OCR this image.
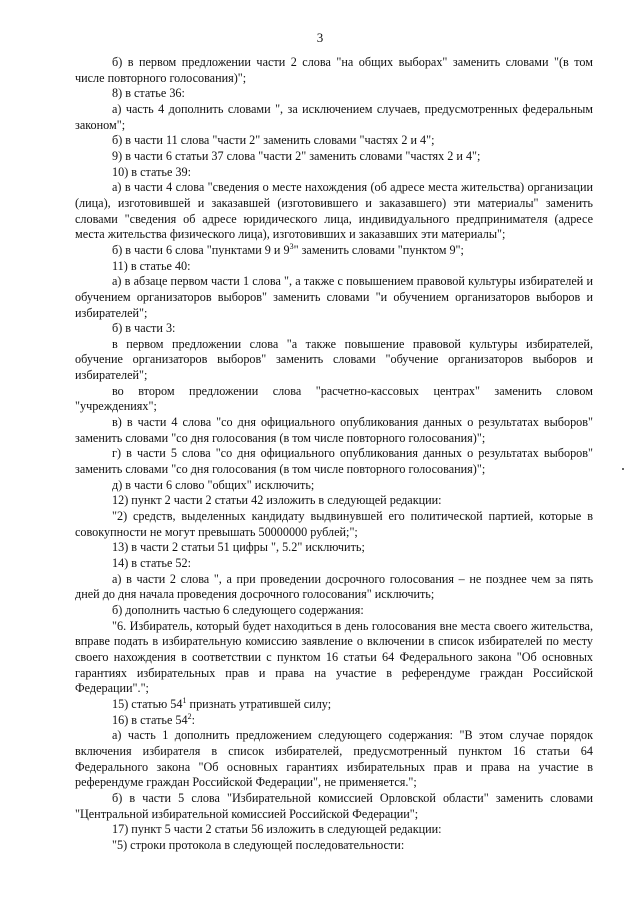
3

б) в первом предложении части 2 слова "на общих выборах" заменить словами "(в том числе повторного голосования)";

8) в статье 36:

а) часть 4 дополнить словами ", за исключением случаев, предусмотренных федеральным законом";

б) в части 11 слова "части 2" заменить словами "частях 2 и 4";

9) в части 6 статьи 37 слова "части 2" заменить словами "частях 2 и 4";

10) в статье 39:

а) в части 4 слова "сведения о месте нахождения (об адресе места жительства) организации (лица), изготовившей и заказавшей (изготовившего и заказавшего) эти материалы" заменить словами "сведения об адресе юридического лица, индивидуального предпринимателя (адресе места жительства физического лица), изготовивших и заказавших эти материалы";

б) в части 6 слова "пунктами 9 и $9^3$" заменить словами "пунктом 9";

11) в статье 40:

а) в абзаце первом части 1 слова ", а также с повышением правовой культуры избирателей и обучением организаторов выборов" заменить словами "и обучением организаторов выборов и избирателей";

б) в части 3:

в первом предложении слова "а также повышение правовой культуры избирателей, обучение организаторов выборов" заменить словами "обучение организаторов выборов и избирателей";

во втором предложении слова "расчетно-кассовых центрах" заменить словом "учреждениях";

в) в части 4 слова "со дня официального опубликования данных о результатах выборов" заменить словами "со дня голосования (в том числе повторного голосования)";

г) в части 5 слова "со дня официального опубликования данных о результатах выборов" заменить словами "со дня голосования (в том числе повторного голосования)";

д) в части 6 слово "общих" исключить;

12) пункт 2 части 2 статьи 42 изложить в следующей редакции:

"2) средств, выделенных кандидату выдвинувшей его политической партией, которые в совокупности не могут превышать 50000000 рублей;";

13) в части 2 статьи 51 цифры ", 5.2" исключить;

14) в статье 52:

а) в части 2 слова ", а при проведении досрочного голосования – не позднее чем за пять дней до дня начала проведения досрочного голосования" исключить;

б) дополнить частью 6 следующего содержания:

"6. Избиратель, который будет находиться в день голосования вне места своего жительства, вправе подать в избирательную комиссию заявление о включении в список избирателей по месту своего нахождения в соответствии с пунктом 16 статьи 64 Федерального закона "Об основных гарантиях избирательных прав и права на участие в референдуме граждан Российской Федерации".";

15) статью $54^1$ признать утратившей силу;

16) в статье $54^2$:

а) часть 1 дополнить предложением следующего содержания: "В этом случае порядок включения избирателя в список избирателей, предусмотренный пунктом 16 статьи 64 Федерального закона "Об основных гарантиях избирательных прав и права на участие в референдуме граждан Российской Федерации", не применяется.";

б) в части 5 слова "Избирательной комиссией Орловской области" заменить словами "Центральной избирательной комиссией Российской Федерации";

17) пункт 5 части 2 статьи 56 изложить в следующей редакции:

"5) строки протокола в следующей последовательности:
